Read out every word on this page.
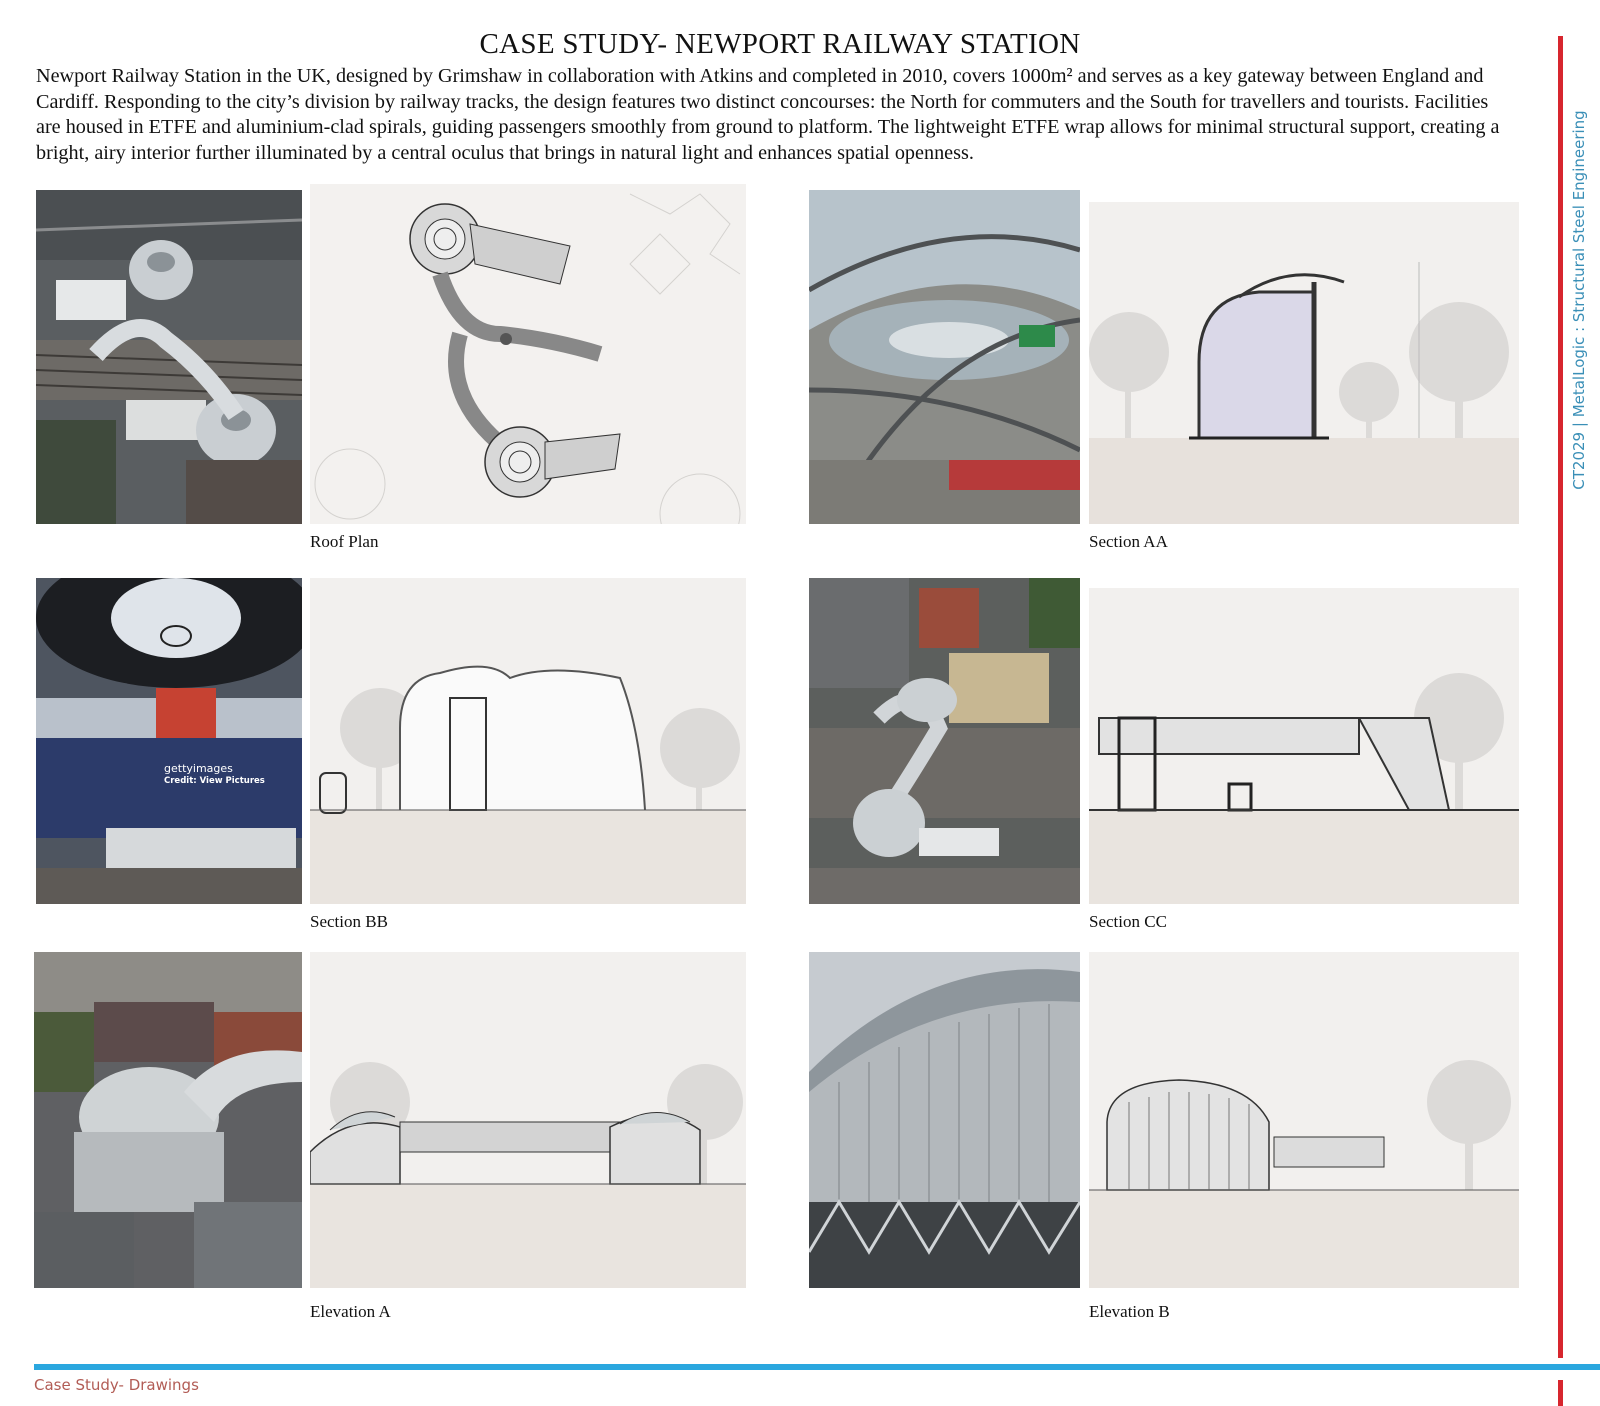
CASE STUDY- NEWPORT RAILWAY STATION

Newport Railway Station in the UK, designed by Grimshaw in collaboration with Atkins and completed in 2010, covers 1000m² and serves as a key gateway between England and Cardiff. Responding to the city’s division by railway tracks, the design features two distinct concourses: the North for commuters and the South for travellers and tourists. Facilities are housed in ETFE and aluminium-clad spirals, guiding passengers smoothly from ground to platform. The lightweight ETFE wrap allows for minimal structural support, creating a bright, airy interior further illuminated by a central oculus that brings in natural light and enhances spatial openness.

Roof Plan	Section AA
gettyimages
Credit: View Pictures
Section BB	Section CC
Elevation A	Elevation B
CT2029 | MetalLogic : Structural Steel Engineering
Case Study- Drawings
